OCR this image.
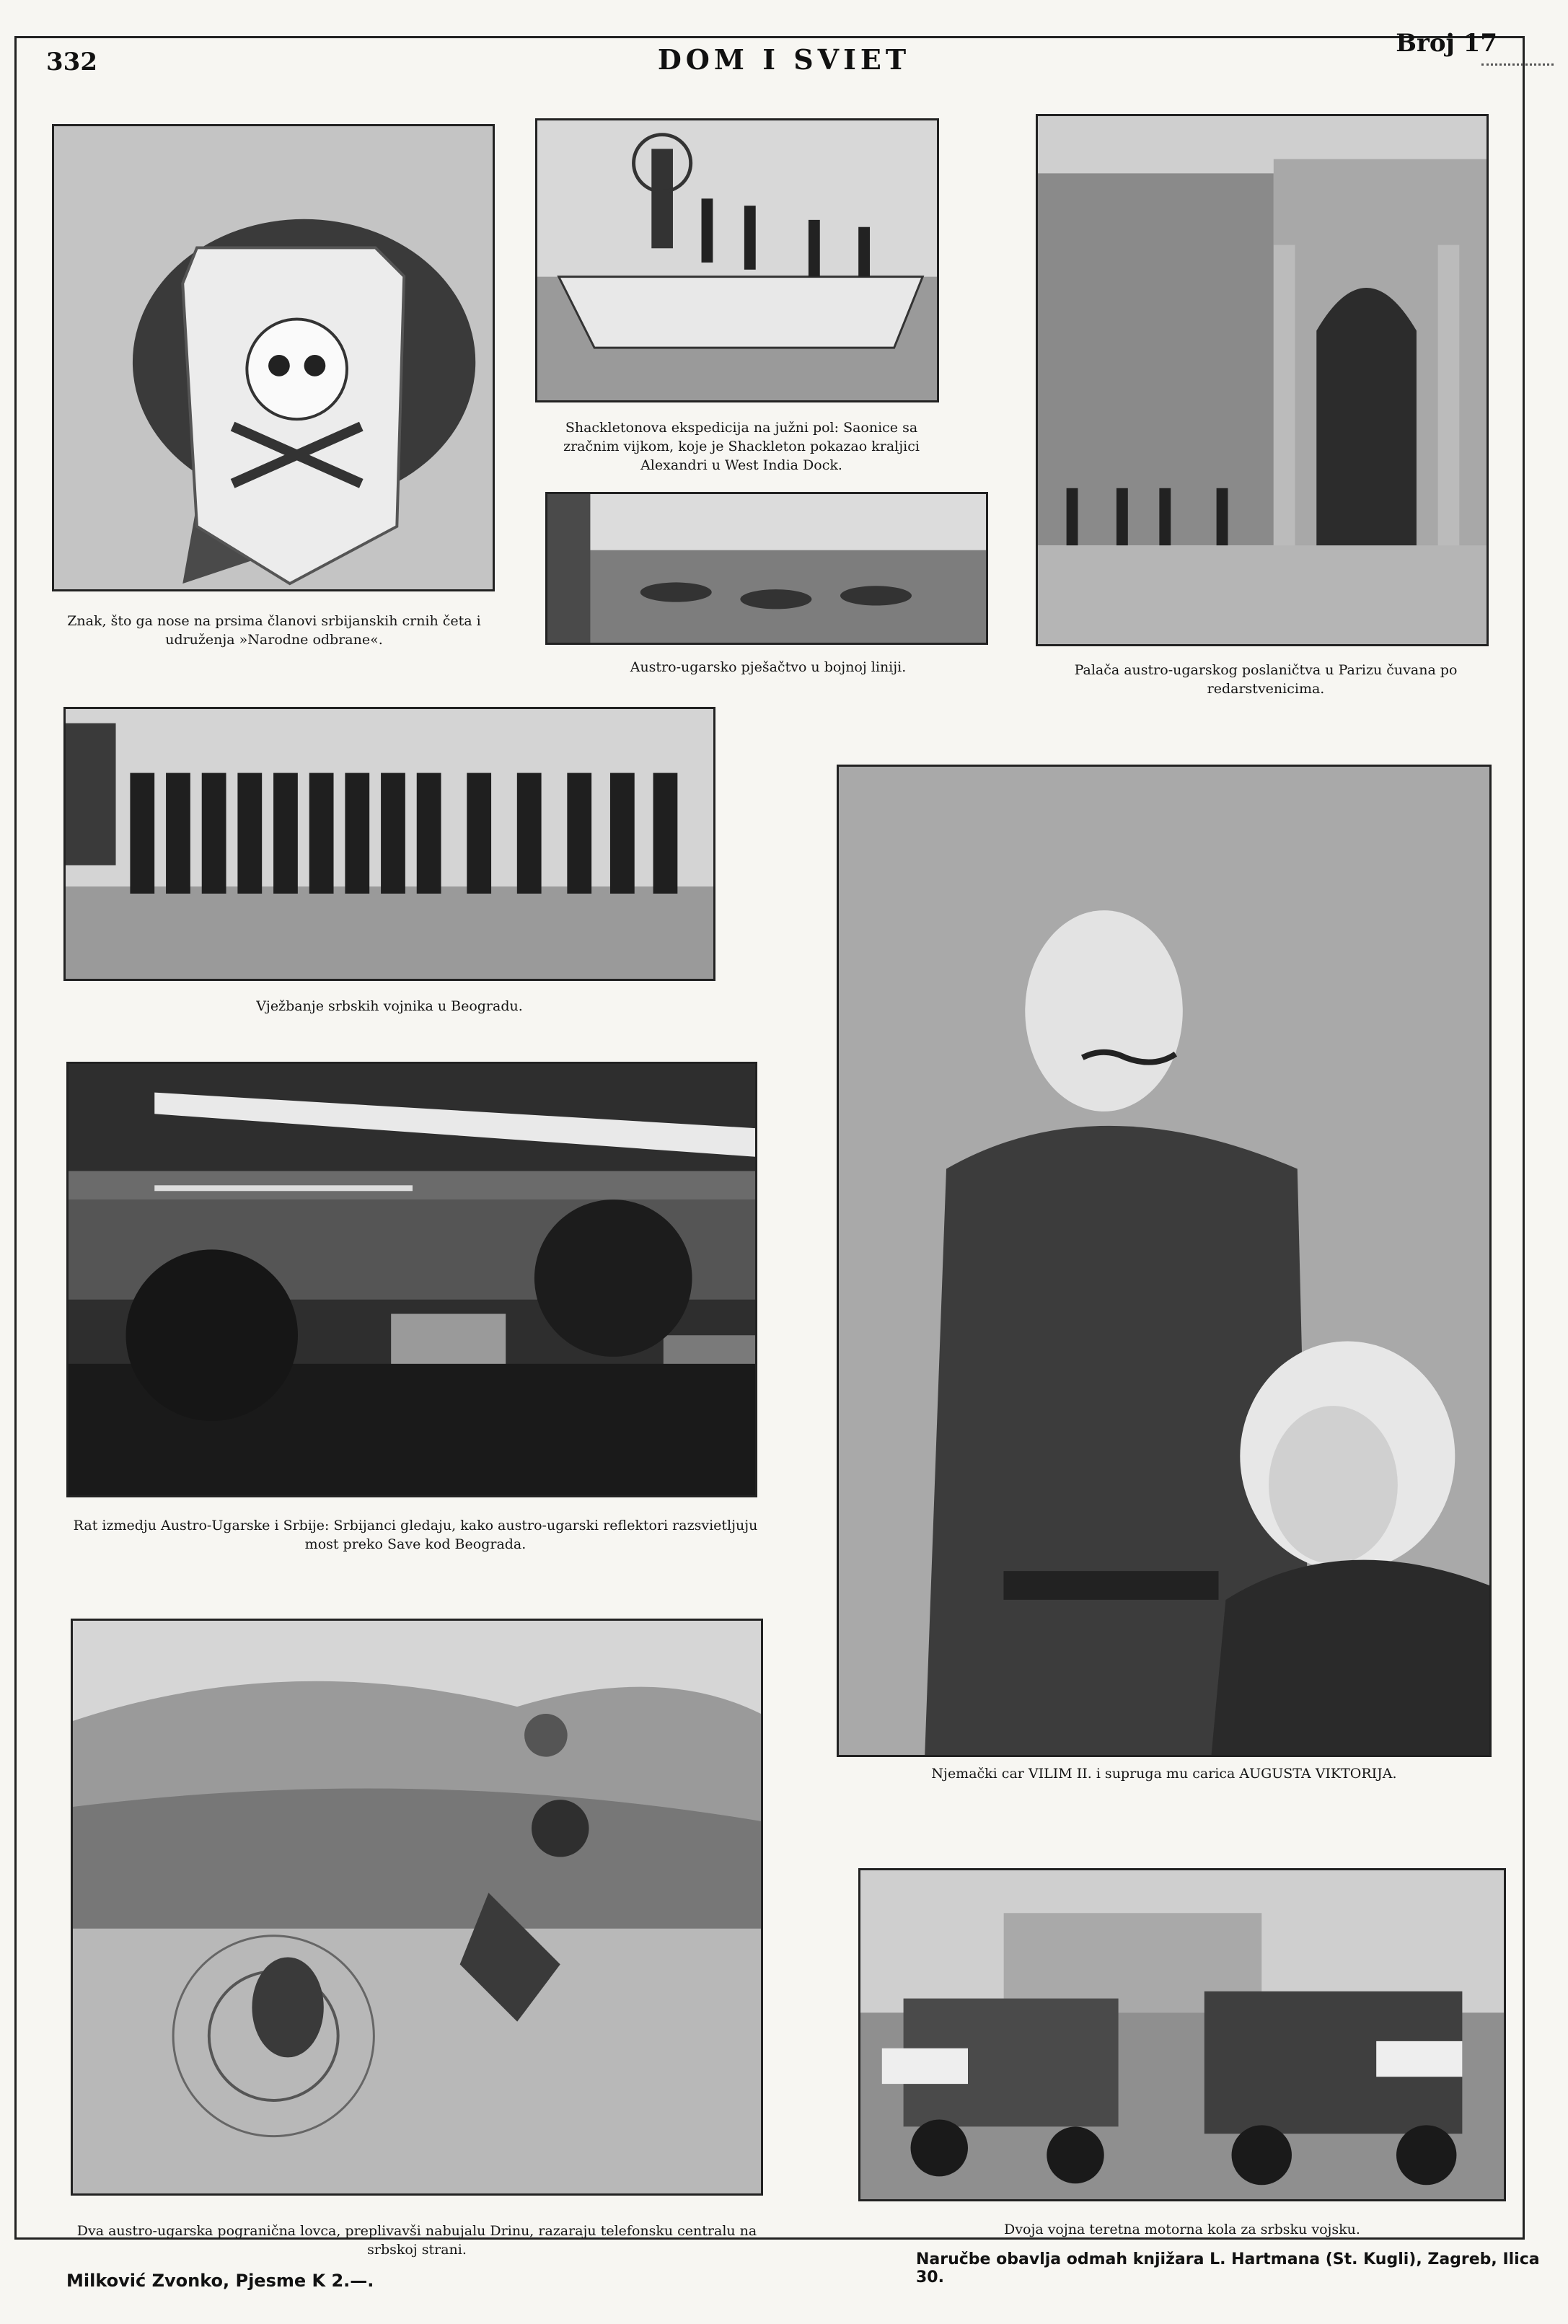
332	DOM I SVIET	Broj 17
Znak, što ga nose na prsima članovi srbijanskih crnih četa i udruženja »Narodne odbrane«.
Shackletonova ekspedicija na južni pol: Saonice sa zračnim vijkom, koje je Shackleton pokazao kraljici Alexandri u West India Dock.
Austro-ugarsko pješačtvo u bojnoj liniji.	Palača austro-ugarskog poslaničtva u Parizu čuvana po redarstvenicima.
Vježbanje srbskih vojnika u Beogradu.
Rat izmedju Austro-Ugarske i Srbije: Srbijanci gledaju, kako austro-ugarski reflektori razsvietljuju most preko Save kod Beograda.
Njemački car VILIM II. i supruga mu carica AUGUSTA VIKTORIJA.
Dva austro-ugarska pogranična lovca, preplivavši nabujalu Drinu, razaraju telefonsku centralu na srbskoj strani.
Dvoja vojna teretna motorna kola za srbsku vojsku.
Milković Zvonko, Pjesme K 2.—.
Naručbe obavlja odmah knjižara L. Hartmana (St. Kugli), Zagreb, Ilica 30.
